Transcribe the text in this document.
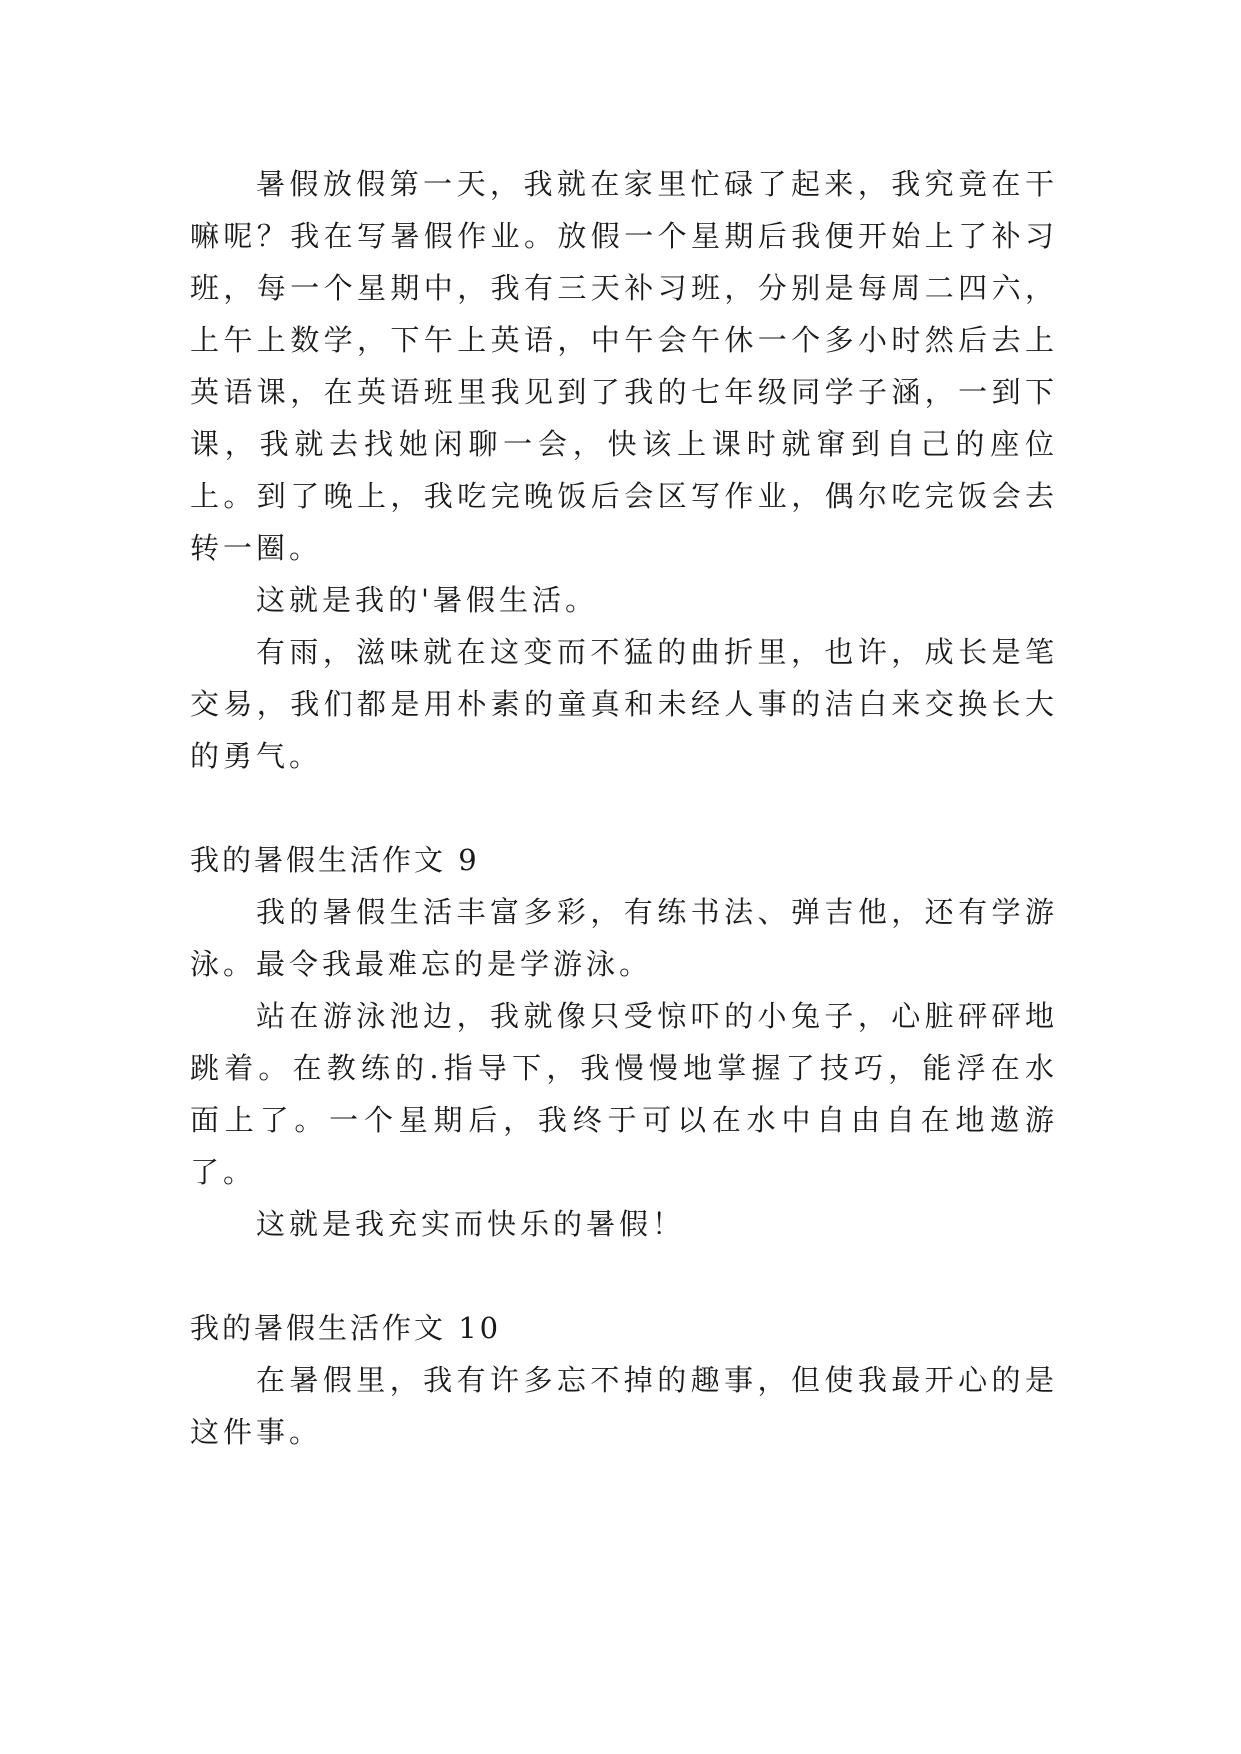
暑假放假第一天，我就在家里忙碌了起来，我究竟在干嘛呢？我在写暑假作业。放假一个星期后我便开始上了补习班，每一个星期中，我有三天补习班，分别是每周二四六，上午上数学，下午上英语，中午会午休一个多小时然后去上英语课，在英语班里我见到了我的七年级同学子涵，一到下课，我就去找她闲聊一会，快该上课时就窜到自己的座位上。到了晚上，我吃完晚饭后会区写作业，偶尔吃完饭会去转一圈。

这就是我的'暑假生活。

有雨，滋味就在这变而不猛的曲折里，也许，成长是笔交易，我们都是用朴素的童真和未经人事的洁白来交换长大的勇气。

我的暑假生活作文 9

我的暑假生活丰富多彩，有练书法、弹吉他，还有学游泳。最令我最难忘的是学游泳。

站在游泳池边，我就像只受惊吓的小兔子，心脏砰砰地跳着。在教练的.指导下，我慢慢地掌握了技巧，能浮在水面上了。一个星期后，我终于可以在水中自由自在地遨游了。

这就是我充实而快乐的暑假！

我的暑假生活作文 10

在暑假里，我有许多忘不掉的趣事，但使我最开心的是这件事。
